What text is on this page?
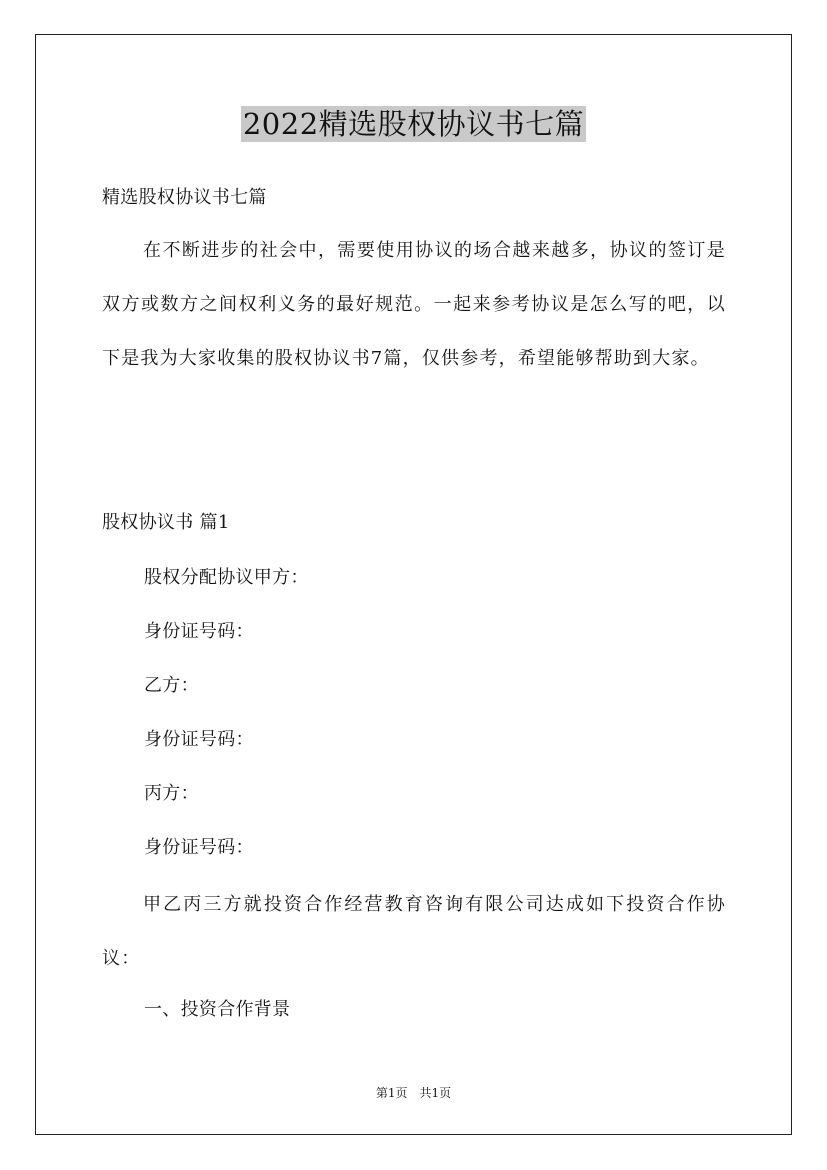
2022精选股权协议书七篇
精选股权协议书七篇

在不断进步的社会中，需要使用协议的场合越来越多，协议的签订是双方或数方之间权利义务的最好规范。一起来参考协议是怎么写的吧，以下是我为大家收集的股权协议书7篇，仅供参考，希望能够帮助到大家。

股权协议书 篇1
股权分配协议甲方：
身份证号码：
乙方：
身份证号码：
丙方：
身份证号码：

甲乙丙三方就投资合作经营教育咨询有限公司达成如下投资合作协议：

一、投资合作背景
第1页　共1页
